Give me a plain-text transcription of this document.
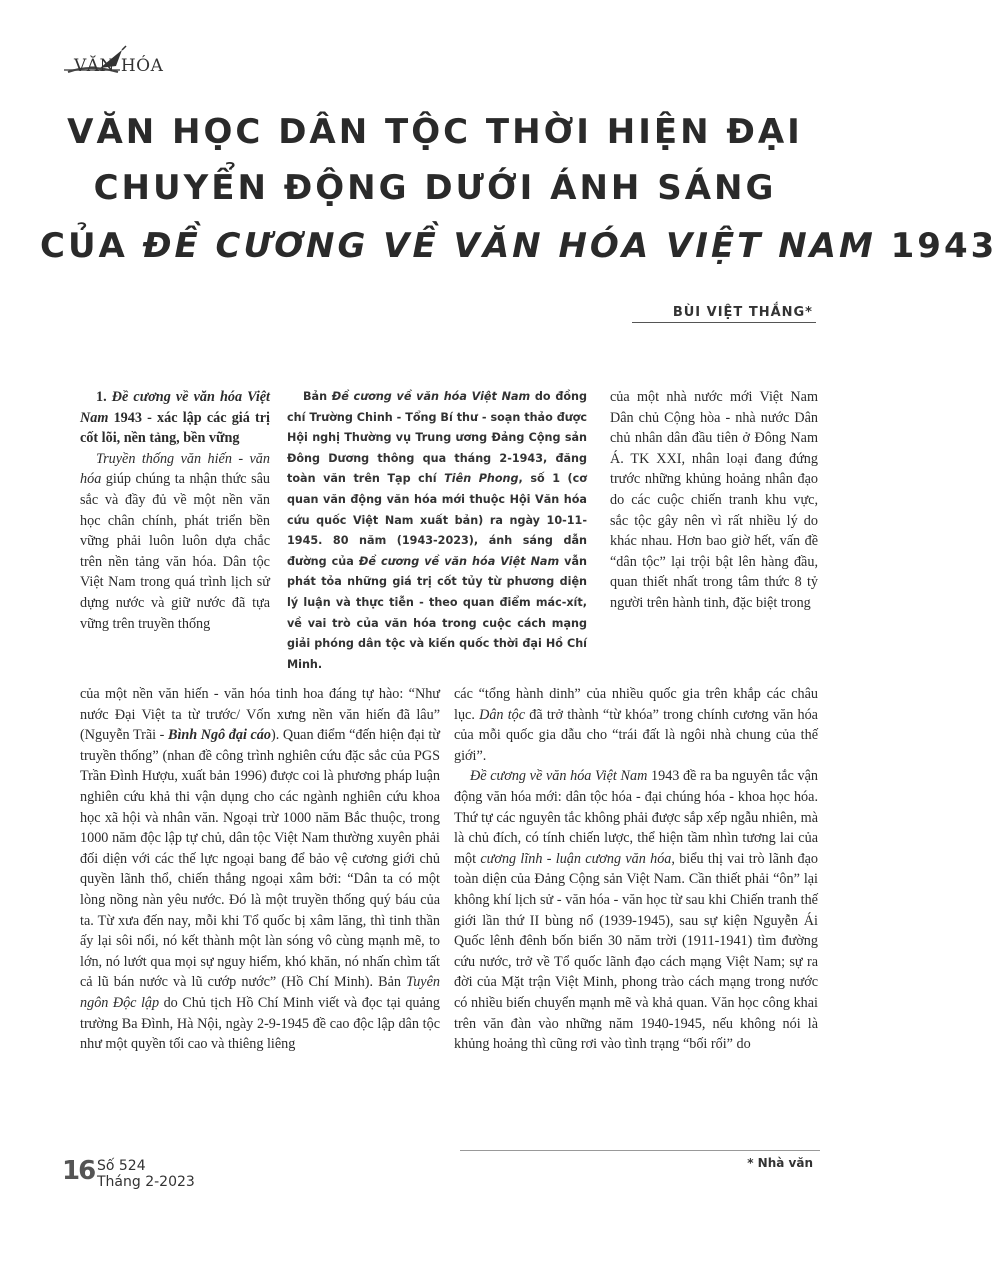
VĂN HÓA
VĂN HỌC DÂN TỘC THỜI HIỆN ĐẠI
CHUYỂN ĐỘNG DƯỚI ÁNH SÁNG
CỦA ĐỀ CƯƠNG VỀ VĂN HÓA VIỆT NAM 1943
BÙI VIỆT THẮNG*

1. Đề cương về văn hóa Việt Nam 1943 - xác lập các giá trị cốt lõi, nền tảng, bền vững

Truyền thống văn hiến - văn hóa giúp chúng ta nhận thức sâu sắc và đầy đủ về một nền văn học chân chính, phát triển bền vững phải luôn luôn dựa chắc trên nền tảng văn hóa. Dân tộc Việt Nam trong quá trình lịch sử dựng nước và giữ nước đã tựa vững trên truyền thống

Bản Đề cương về văn hóa Việt Nam do đồng chí Trường Chinh - Tổng Bí thư - soạn thảo được Hội nghị Thường vụ Trung ương Đảng Cộng sản Đông Dương thông qua tháng 2-1943, đăng toàn văn trên Tạp chí Tiên Phong, số 1 (cơ quan văn động văn hóa mới thuộc Hội Văn hóa cứu quốc Việt Nam xuất bản) ra ngày 10-11-1945. 80 năm (1943-2023), ánh sáng dẫn đường của Đề cương về văn hóa Việt Nam vẫn phát tỏa những giá trị cốt tủy từ phương diện lý luận và thực tiễn - theo quan điểm mác-xít, về vai trò của văn hóa trong cuộc cách mạng giải phóng dân tộc và kiến quốc thời đại Hồ Chí Minh.

của một nhà nước mới Việt Nam Dân chủ Cộng hòa - nhà nước Dân chủ nhân dân đầu tiên ở Đông Nam Á. TK XXI, nhân loại đang đứng trước những khủng hoảng nhân đạo do các cuộc chiến tranh khu vực, sắc tộc gây nên vì rất nhiều lý do khác nhau. Hơn bao giờ hết, vấn đề “dân tộc” lại trội bật lên hàng đầu, quan thiết nhất trong tâm thức 8 tỷ người trên hành tinh, đặc biệt trong

của một nền văn hiến - văn hóa tinh hoa đáng tự hào: “Như nước Đại Việt ta từ trước/ Vốn xưng nền văn hiến đã lâu” (Nguyễn Trãi - Bình Ngô đại cáo). Quan điểm “đến hiện đại từ truyền thống” (nhan đề công trình nghiên cứu đặc sắc của PGS Trần Đình Hượu, xuất bản 1996) được coi là phương pháp luận nghiên cứu khả thi vận dụng cho các ngành nghiên cứu khoa học xã hội và nhân văn. Ngoại trừ 1000 năm Bắc thuộc, trong 1000 năm độc lập tự chủ, dân tộc Việt Nam thường xuyên phải đối diện với các thế lực ngoại bang để bảo vệ cương giới chủ quyền lãnh thổ, chiến thắng ngoại xâm bởi: “Dân ta có một lòng nồng nàn yêu nước. Đó là một truyền thống quý báu của ta. Từ xưa đến nay, mỗi khi Tổ quốc bị xâm lăng, thì tinh thần ấy lại sôi nổi, nó kết thành một làn sóng vô cùng mạnh mẽ, to lớn, nó lướt qua mọi sự nguy hiểm, khó khăn, nó nhấn chìm tất cả lũ bán nước và lũ cướp nước” (Hồ Chí Minh). Bản Tuyên ngôn Độc lập do Chủ tịch Hồ Chí Minh viết và đọc tại quảng trường Ba Đình, Hà Nội, ngày 2-9-1945 đề cao độc lập dân tộc như một quyền tối cao và thiêng liêng

các “tổng hành dinh” của nhiều quốc gia trên khắp các châu lục. Dân tộc đã trở thành “từ khóa” trong chính cương văn hóa của mỗi quốc gia dẫu cho “trái đất là ngôi nhà chung của thế giới”.

Đề cương về văn hóa Việt Nam 1943 đề ra ba nguyên tắc vận động văn hóa mới: dân tộc hóa - đại chúng hóa - khoa học hóa. Thứ tự các nguyên tắc không phải được sắp xếp ngẫu nhiên, mà là chủ đích, có tính chiến lược, thể hiện tầm nhìn tương lai của một cương lĩnh - luận cương văn hóa, biểu thị vai trò lãnh đạo toàn diện của Đảng Cộng sản Việt Nam. Cần thiết phải “ôn” lại không khí lịch sử - văn hóa - văn học từ sau khi Chiến tranh thế giới lần thứ II bùng nổ (1939-1945), sau sự kiện Nguyễn Ái Quốc lênh đênh bốn biển 30 năm trời (1911-1941) tìm đường cứu nước, trở về Tổ quốc lãnh đạo cách mạng Việt Nam; sự ra đời của Mặt trận Việt Minh, phong trào cách mạng trong nước có nhiều biến chuyển mạnh mẽ và khả quan. Văn học công khai trên văn đàn vào những năm 1940-1945, nếu không nói là khủng hoảng thì cũng rơi vào tình trạng “bối rối” do

16 Số 524
Tháng 2-2023
* Nhà văn
